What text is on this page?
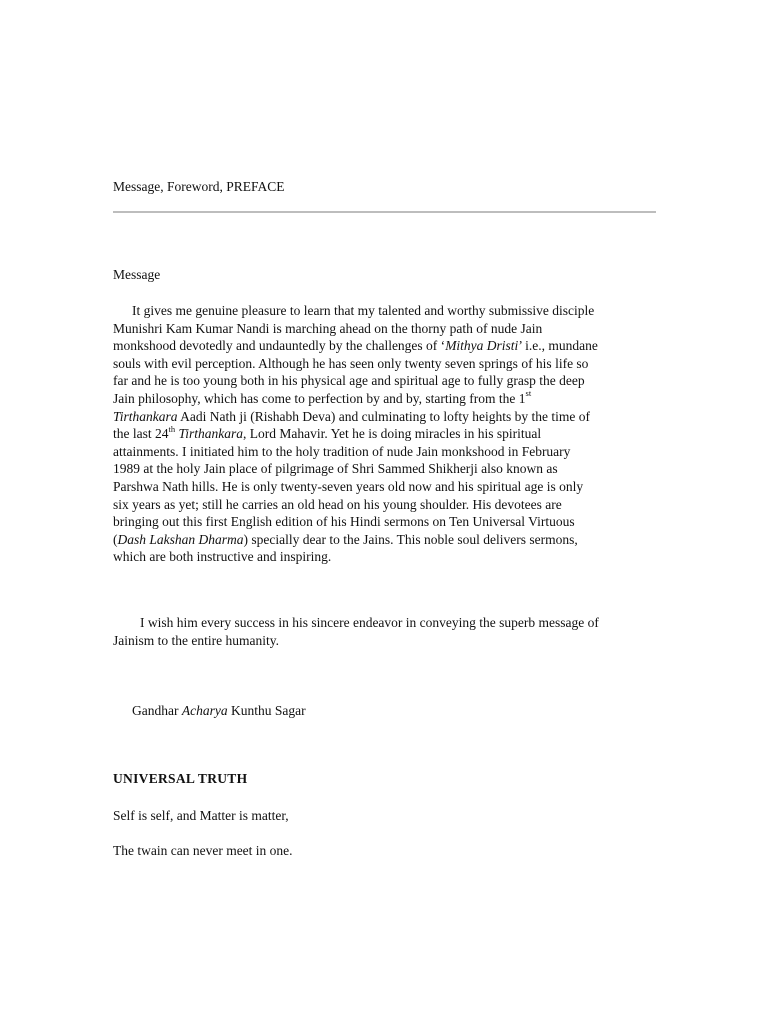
Message, Foreword, PREFACE
Message
It gives me genuine pleasure to learn that my talented and worthy submissive disciple
Munishri Kam Kumar Nandi is marching ahead on the thorny path of nude Jain
monkshood devotedly and undauntedly by the challenges of ‘Mithya Dristi’ i.e., mundane
souls with evil perception. Although he has seen only twenty seven springs of his life so
far and he is too young both in his physical age and spiritual age to fully grasp the deep
Jain philosophy, which has come to perfection by and by, starting from the 1st
Tirthankara Aadi Nath ji (Rishabh Deva) and culminating to lofty heights by the time of
the last 24th Tirthankara, Lord Mahavir. Yet he is doing miracles in his spiritual
attainments. I initiated him to the holy tradition of nude Jain monkshood in February
1989 at the holy Jain place of pilgrimage of Shri Sammed Shikherji also known as
Parshwa Nath hills. He is only twenty-seven years old now and his spiritual age is only
six years as yet; still he carries an old head on his young shoulder. His devotees are
bringing out this first English edition of his Hindi sermons on Ten Universal Virtuous
(Dash Lakshan Dharma) specially dear to the Jains. This noble soul delivers sermons,
which are both instructive and inspiring.
I wish him every success in his sincere endeavor in conveying the superb message of
Jainism to the entire humanity.
Gandhar Acharya Kunthu Sagar
UNIVERSAL TRUTH
Self is self, and Matter is matter,
The twain can never meet in one.
